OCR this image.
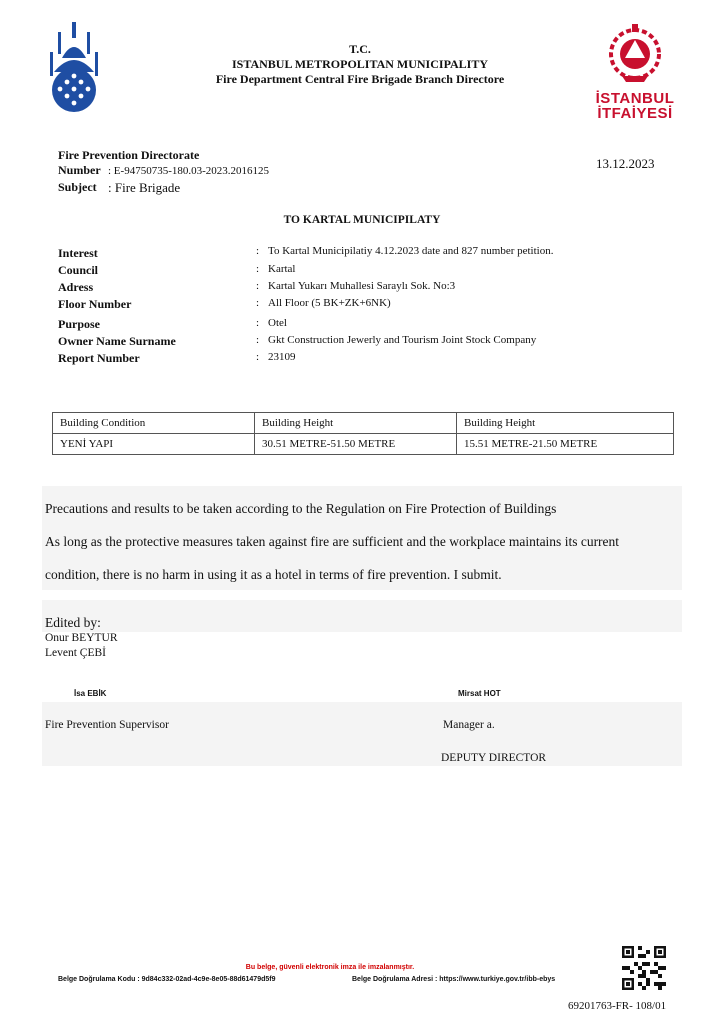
T.C.
ISTANBUL METROPOLITAN MUNICIPALITY
Fire Department Central Fire Brigade Branch Directore
İSTANBUL
İTFAİYESİ
Fire Prevention Directorate
Number : E-94750735-180.03-2023.2016125
Subject : Fire Brigade
13.12.2023
TO KARTAL MUNICIPILATY
Interest	: To Kartal Municipilatiy 4.12.2023 date and 827 number petition.
Council	: Kartal
Adress	: Kartal Yukarı Muhallesi Saraylı Sok. No:3
Floor Number	: All Floor (5 BK+ZK+6NK)
Purpose	: Otel
Owner Name Surname	: Gkt Construction Jewerly and Tourism Joint Stock Company
Report Number	: 23109
Building Condition	Building Height	Building Height
YENİ YAPI	30.51 METRE-51.50 METRE	15.51 METRE-21.50 METRE
Precautions and results to be taken according to the Regulation on Fire Protection of Buildings
As long as the protective measures taken against fire are sufficient and the workplace maintains its current
condition, there is no harm in using it as a hotel in terms of fire prevention. I submit.
Edited by:
Onur BEYTUR
Levent ÇEBİ
İsa EBİK	Mirsat HOT
Fire Prevention Supervisor	Manager a.
DEPUTY DIRECTOR
Bu belge, güvenli elektronik imza ile imzalanmıştır.
Belge Doğrulama Kodu : 9d84c332-02ad-4c9e-8e05-88d61479d5f9	Belge Doğrulama Adresi : https://www.turkiye.gov.tr/ibb-ebys
69201763-FR- 108/01
